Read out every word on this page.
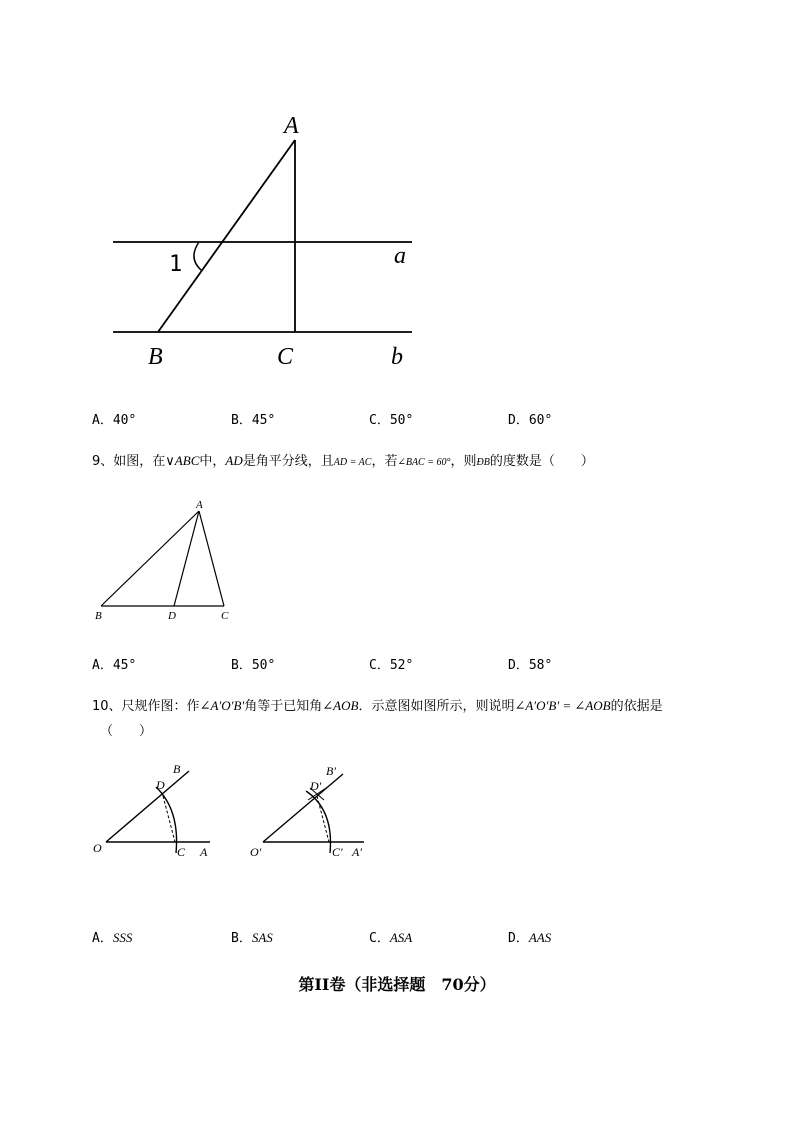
A
1	a
B	C	b
A．40°	B．45°	C．50°	D．60°
9、如图，在∨ABC中，AD是角平分线，且AD = AC，若∠BAC = 60°，则ÐB的度数是（　　）
A
B	D	C
A．45°	B．50°	C．52°	D．58°
10、尺规作图：作∠A′O′B′角等于已知角∠AOB．示意图如图所示，则说明∠A′O′B′ = ∠AOB的依据是
（　　）
O	C A
D
B
O′	C′ A′
D′
B′
A．SSS	B．SAS	C．ASA	D．AAS
第II卷（非选择题　70分）
